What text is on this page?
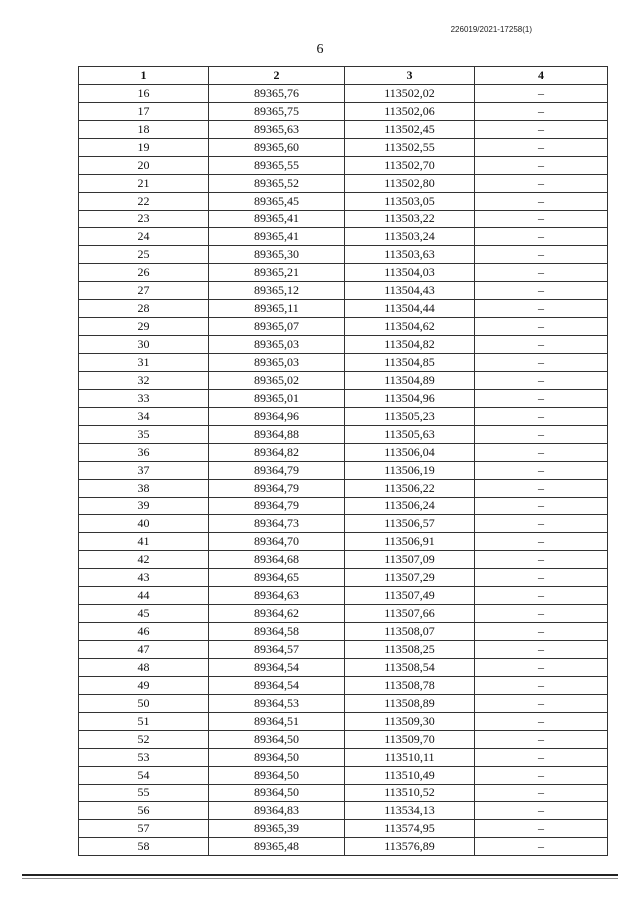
226019/2021-17258(1)
6
1	2	3	4
16	89365,76	113502,02	–
17	89365,75	113502,06	–
18	89365,63	113502,45	–
19	89365,60	113502,55	–
20	89365,55	113502,70	–
21	89365,52	113502,80	–
22	89365,45	113503,05	–
23	89365,41	113503,22	–
24	89365,41	113503,24	–
25	89365,30	113503,63	–
26	89365,21	113504,03	–
27	89365,12	113504,43	–
28	89365,11	113504,44	–
29	89365,07	113504,62	–
30	89365,03	113504,82	–
31	89365,03	113504,85	–
32	89365,02	113504,89	–
33	89365,01	113504,96	–
34	89364,96	113505,23	–
35	89364,88	113505,63	–
36	89364,82	113506,04	–
37	89364,79	113506,19	–
38	89364,79	113506,22	–
39	89364,79	113506,24	–
40	89364,73	113506,57	–
41	89364,70	113506,91	–
42	89364,68	113507,09	–
43	89364,65	113507,29	–
44	89364,63	113507,49	–
45	89364,62	113507,66	–
46	89364,58	113508,07	–
47	89364,57	113508,25	–
48	89364,54	113508,54	–
49	89364,54	113508,78	–
50	89364,53	113508,89	–
51	89364,51	113509,30	–
52	89364,50	113509,70	–
53	89364,50	113510,11	–
54	89364,50	113510,49	–
55	89364,50	113510,52	–
56	89364,83	113534,13	–
57	89365,39	113574,95	–
58	89365,48	113576,89	–
